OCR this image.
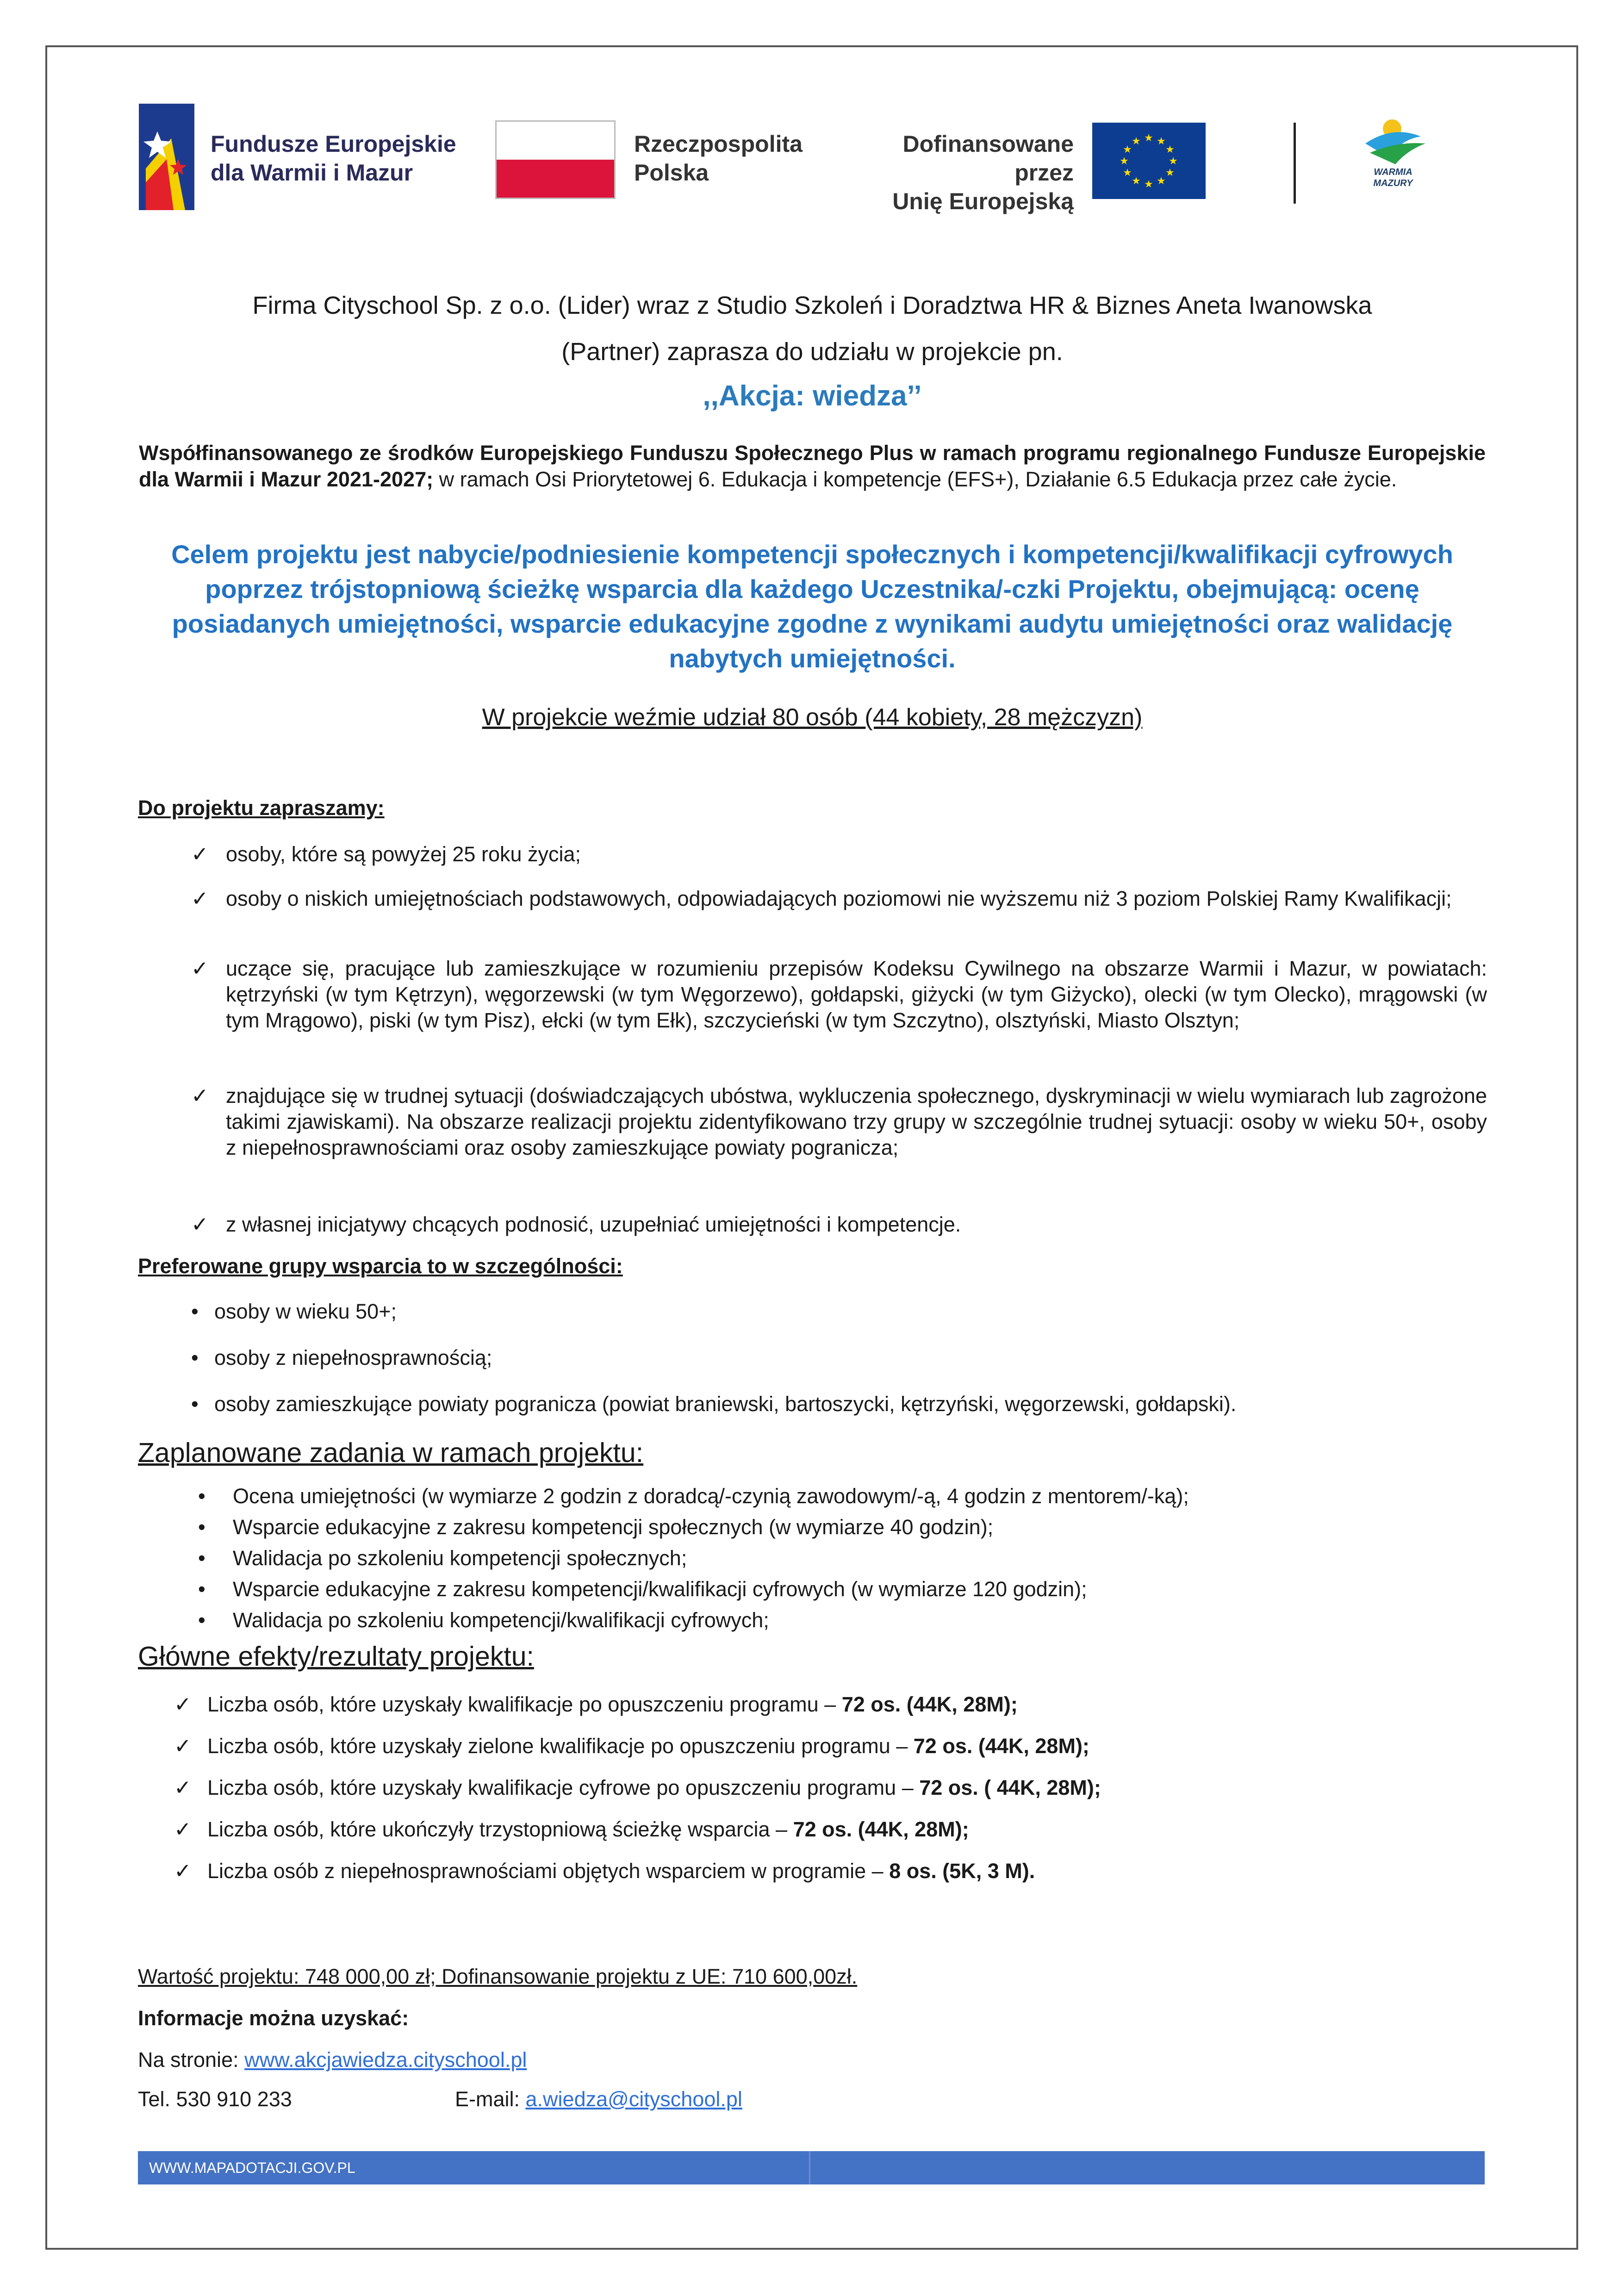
Fundusze Europejskie
dla Warmii i Mazur
Rzeczpospolita
Polska
Dofinansowane przez
Unię Europejską
★ ★
★
★
★
★
★
★
★
★
★
★
WARMIA
MAZURY
Firma Cityschool Sp. z o.o. (Lider) wraz z Studio Szkoleń i Doradztwa HR & Biznes Aneta Iwanowska
(Partner) zaprasza do udziału w projekcie pn.
,,Akcja: wiedza’’
Współfinansowanego ze środków Europejskiego Funduszu Społecznego Plus w ramach programu regionalnego Fundusze Europejskie dla Warmii i Mazur 2021-2027; w ramach Osi Priorytetowej 6. Edukacja i kompetencje (EFS+), Działanie 6.5 Edukacja przez całe życie.
Celem projektu jest nabycie/podniesienie kompetencji społecznych i kompetencji/kwalifikacji cyfrowych poprzez trójstopniową ścieżkę wsparcia dla każdego Uczestnika/-czki Projektu, obejmującą: ocenę posiadanych umiejętności, wsparcie edukacyjne zgodne z wynikami audytu umiejętności oraz walidację nabytych umiejętności.
W projekcie weźmie udział 80 osób (44 kobiety, 28 mężczyzn)
Do projektu zapraszamy:
✓ osoby, które są powyżej 25 roku życia;
✓ osoby o niskich umiejętnościach podstawowych, odpowiadających poziomowi nie wyższemu niż 3 poziom Polskiej Ramy Kwalifikacji;
✓ uczące się, pracujące lub zamieszkujące w rozumieniu przepisów Kodeksu Cywilnego na obszarze Warmii i Mazur, w powiatach: kętrzyński (w tym Kętrzyn), węgorzewski (w tym Węgorzewo), gołdapski, giżycki (w tym Giżycko), olecki (w tym Olecko), mrągowski (w tym Mrągowo), piski (w tym Pisz), ełcki (w tym Ełk), szczycieński (w tym Szczytno), olsztyński, Miasto Olsztyn;
✓ znajdujące się w trudnej sytuacji (doświadczających ubóstwa, wykluczenia społecznego, dyskryminacji w wielu wymiarach lub zagrożone takimi zjawiskami). Na obszarze realizacji projektu zidentyfikowano trzy grupy w szczególnie trudnej sytuacji: osoby w wieku 50+, osoby z niepełnosprawnościami oraz osoby zamieszkujące powiaty pogranicza;
✓ z własnej inicjatywy chcących podnosić, uzupełniać umiejętności i kompetencje.
Preferowane grupy wsparcia to w szczególności:
• osoby w wieku 50+;
• osoby z niepełnosprawnością;
• osoby zamieszkujące powiaty pogranicza (powiat braniewski, bartoszycki, kętrzyński, węgorzewski, gołdapski).
Zaplanowane zadania w ramach projektu:
• Ocena umiejętności (w wymiarze 2 godzin z doradcą/-czynią zawodowym/-ą, 4 godzin z mentorem/-ką);
• Wsparcie edukacyjne z zakresu kompetencji społecznych (w wymiarze 40 godzin);
• Walidacja po szkoleniu kompetencji społecznych;
• Wsparcie edukacyjne z zakresu kompetencji/kwalifikacji cyfrowych (w wymiarze 120 godzin);
• Walidacja po szkoleniu kompetencji/kwalifikacji cyfrowych;
Główne efekty/rezultaty projektu:
✓ Liczba osób, które uzyskały kwalifikacje po opuszczeniu programu – 72 os. (44K, 28M);
✓ Liczba osób, które uzyskały zielone kwalifikacje po opuszczeniu programu – 72 os. (44K, 28M);
✓ Liczba osób, które uzyskały kwalifikacje cyfrowe po opuszczeniu programu – 72 os. ( 44K, 28M);
✓ Liczba osób, które ukończyły trzystopniową ścieżkę wsparcia – 72 os. (44K, 28M);
✓ Liczba osób z niepełnosprawnościami objętych wsparciem w programie – 8 os. (5K, 3 M).
Wartość projektu: 748 000,00 zł; Dofinansowanie projektu z UE: 710 600,00zł.
Informacje można uzyskać:
Na stronie: www.akcjawiedza.cityschool.pl
Tel. 530 910 233	E-mail: a.wiedza@cityschool.pl
WWW.MAPADOTACJI.GOV.PL
